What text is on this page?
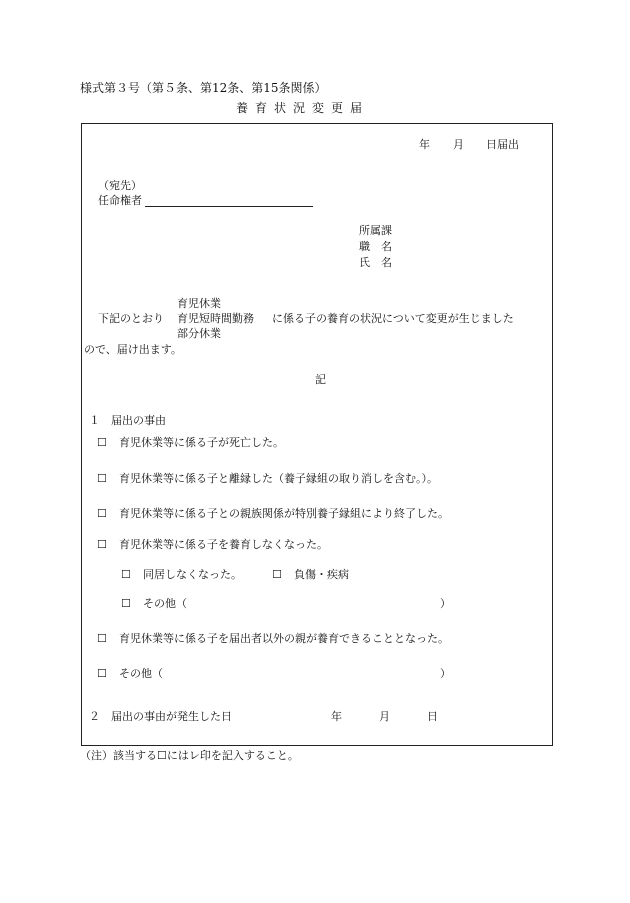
様式第３号（第５条、第12条、第15条関係）
養育状況変更届
年 月 日届出
（宛先）
任命権者
所属課
職　名
氏　名
育児休業
下記のとおり 育児短時間勤務 に係る子の養育の状況について変更が生じました
部分休業
ので、届け出ます。
記
１　届出の事由
☐ 育児休業等に係る子が死亡した。
☐ 育児休業等に係る子と離縁した（養子縁組の取り消しを含む。）。
☐ 育児休業等に係る子との親族関係が特別養子縁組により終了した。
☐ 育児休業等に係る子を養育しなくなった。
☐ 同居しなくなった。	☐ 負傷・疾病
☐ その他（	）
☐ 育児休業等に係る子を届出者以外の親が養育できることとなった。
☐ その他（	）
２　届出の事由が発生した日	年	月	日
（注）該当する☐にはレ印を記入すること。
